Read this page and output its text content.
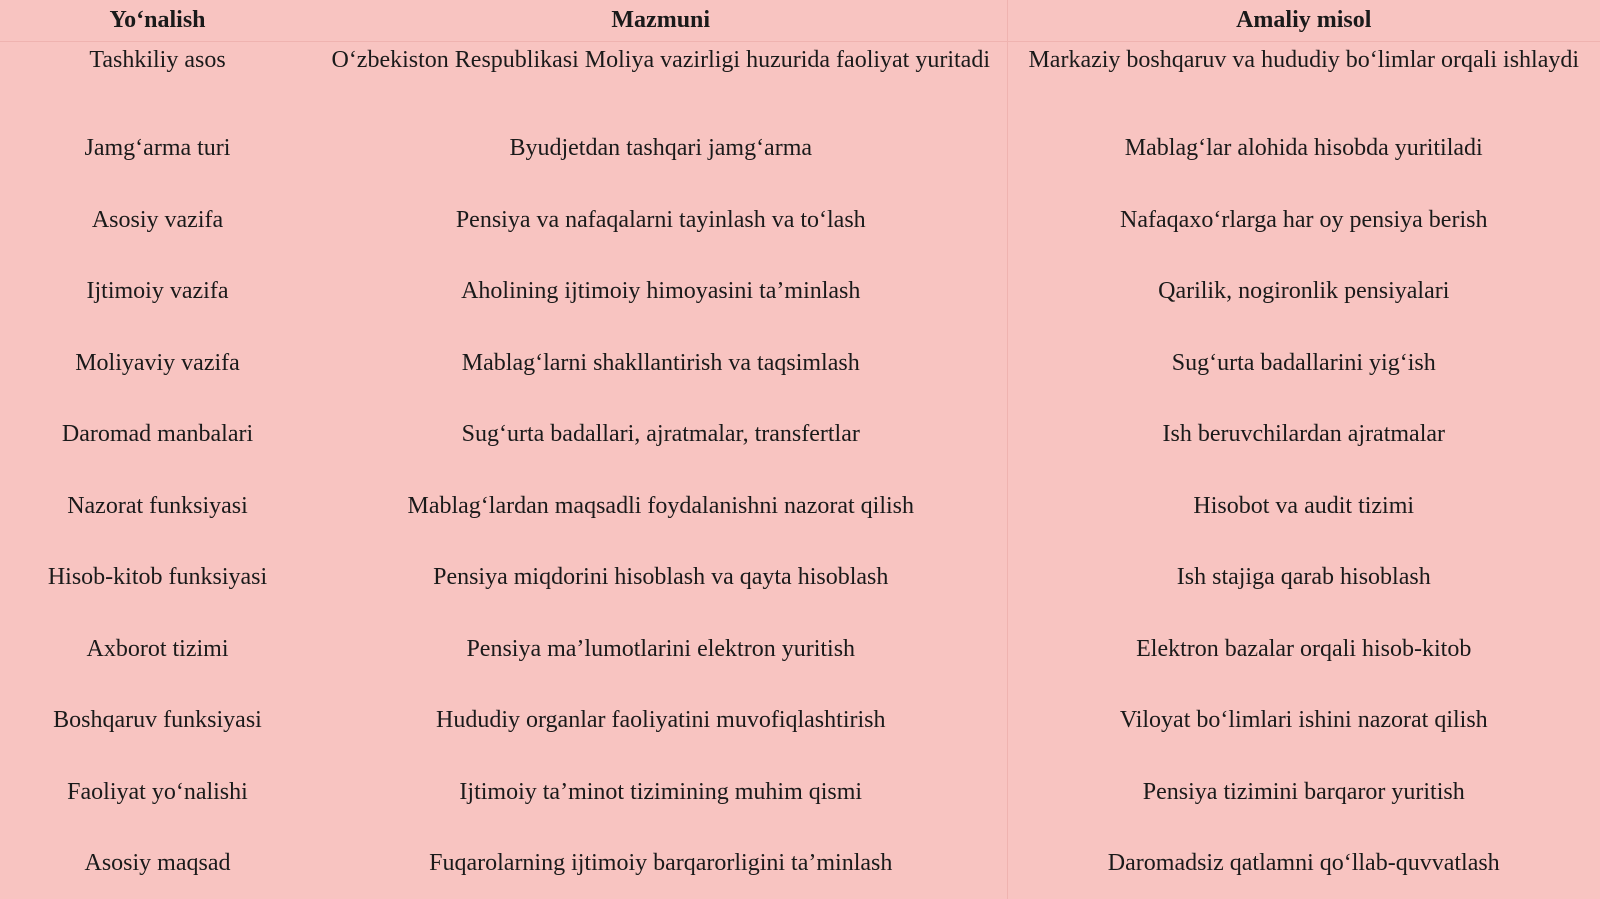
Yo‘nalish	Mazmuni	Amaliy misol
Tashkiliy asos	O‘zbekiston Respublikasi Moliya vazirligi huzurida faoliyat yuritadi	Markaziy boshqaruv va hududiy bo‘limlar orqali ishlaydi
Jamg‘arma turi	Byudjetdan tashqari jamg‘arma	Mablag‘lar alohida hisobda yuritiladi
Asosiy vazifa	Pensiya va nafaqalarni tayinlash va to‘lash	Nafaqaxo‘rlarga har oy pensiya berish
Ijtimoiy vazifa	Aholining ijtimoiy himoyasini ta’minlash	Qarilik, nogironlik pensiyalari
Moliyaviy vazifa	Mablag‘larni shakllantirish va taqsimlash	Sug‘urta badallarini yig‘ish
Daromad manbalari	Sug‘urta badallari, ajratmalar, transfertlar	Ish beruvchilardan ajratmalar
Nazorat funksiyasi	Mablag‘lardan maqsadli foydalanishni nazorat qilish	Hisobot va audit tizimi
Hisob-kitob funksiyasi	Pensiya miqdorini hisoblash va qayta hisoblash	Ish stajiga qarab hisoblash
Axborot tizimi	Pensiya ma’lumotlarini elektron yuritish	Elektron bazalar orqali hisob-kitob
Boshqaruv funksiyasi	Hududiy organlar faoliyatini muvofiqlashtirish	Viloyat bo‘limlari ishini nazorat qilish
Faoliyat yo‘nalishi	Ijtimoiy ta’minot tizimining muhim qismi	Pensiya tizimini barqaror yuritish
Asosiy maqsad	Fuqarolarning ijtimoiy barqarorligini ta’minlash	Daromadsiz qatlamni qo‘llab-quvvatlash
